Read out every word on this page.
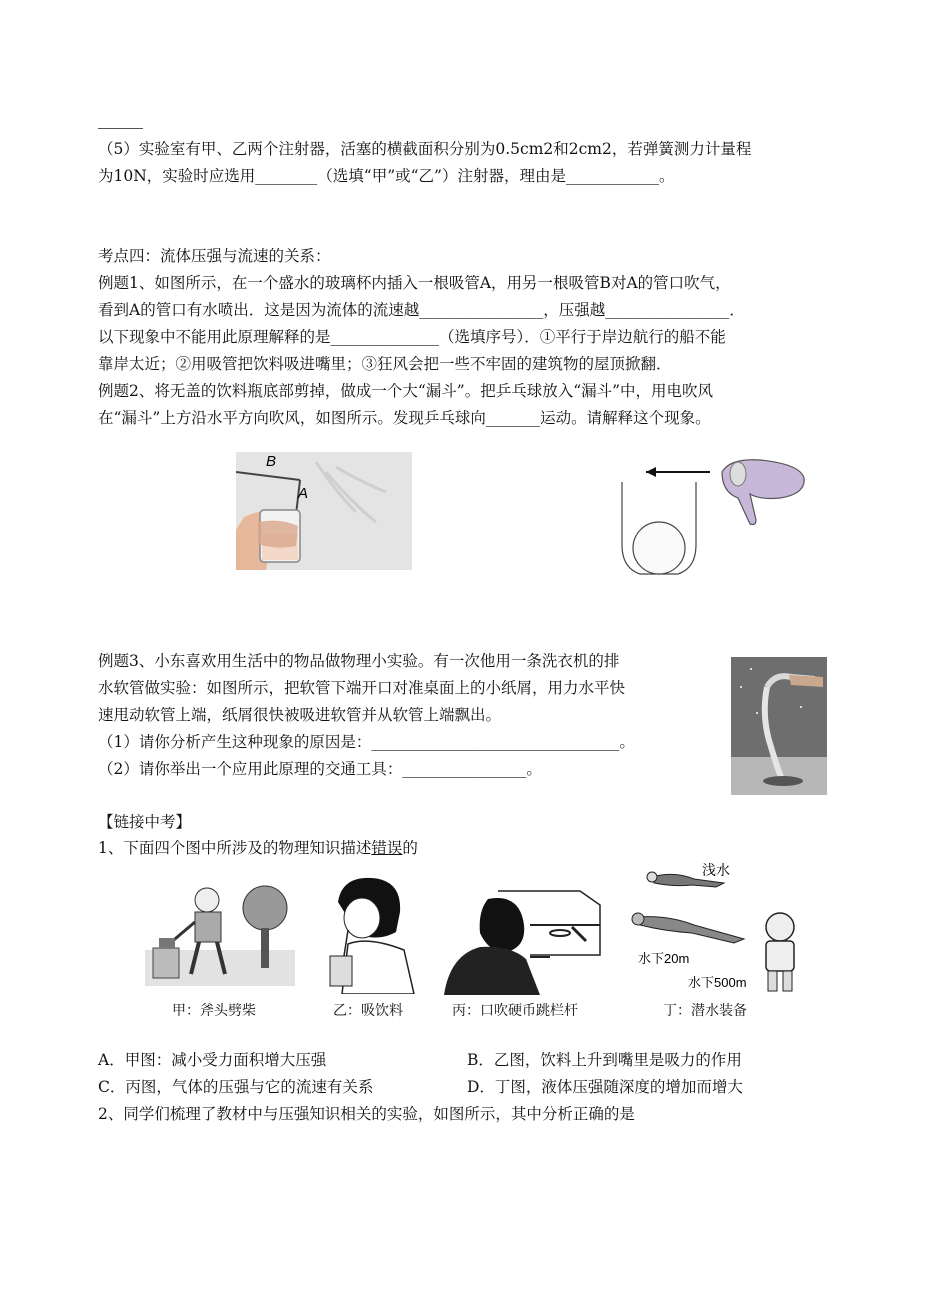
（5）实验室有甲、乙两个注射器，活塞的横截面积分别为0.5cm2和2cm2，若弹簧测力计量程
为10N，实验时应选用________（选填“甲”或“乙”）注射器，理由是____________。
考点四：流体压强与流速的关系：
例题1、如图所示，在一个盛水的玻璃杯内插入一根吸管A，用另一根吸管B对A的管口吹气，
看到A的管口有水喷出．这是因为流体的流速越________________，压强越________________．
以下现象中不能用此原理解释的是______________（选填序号）．①平行于岸边航行的船不能
靠岸太近；②用吸管把饮料吸进嘴里；③狂风会把一些不牢固的建筑物的屋顶掀翻．
例题2、将无盖的饮料瓶底部剪掉，做成一个大“漏斗”。把乒乓球放入“漏斗”中，用电吹风
在“漏斗”上方沿水平方向吹风，如图所示。发现乒乓球向_______运动。请解释这个现象。
B
A
例题3、小东喜欢用生活中的物品做物理小实验。有一次他用一条洗衣机的排
水软管做实验：如图所示，把软管下端开口对准桌面上的小纸屑，用力水平快
速甩动软管上端，纸屑很快被吸进软管并从软管上端飘出。
（1）请你分析产生这种现象的原因是：________________________________。
（2）请你举出一个应用此原理的交通工具：________________。
【链接中考】
1、下面四个图中所涉及的物理知识描述错误的
甲：斧头劈柴	乙：吸饮料	丙：口吹硬币跳栏杆
浅水
水下20m
水下500m
丁：潜水装备
A．甲图：减小受力面积增大压强	B．乙图，饮料上升到嘴里是吸力的作用
C．丙图，气体的压强与它的流速有关系	D．丁图，液体压强随深度的增加而增大
2、同学们梳理了教材中与压强知识相关的实验，如图所示，其中分析正确的是
